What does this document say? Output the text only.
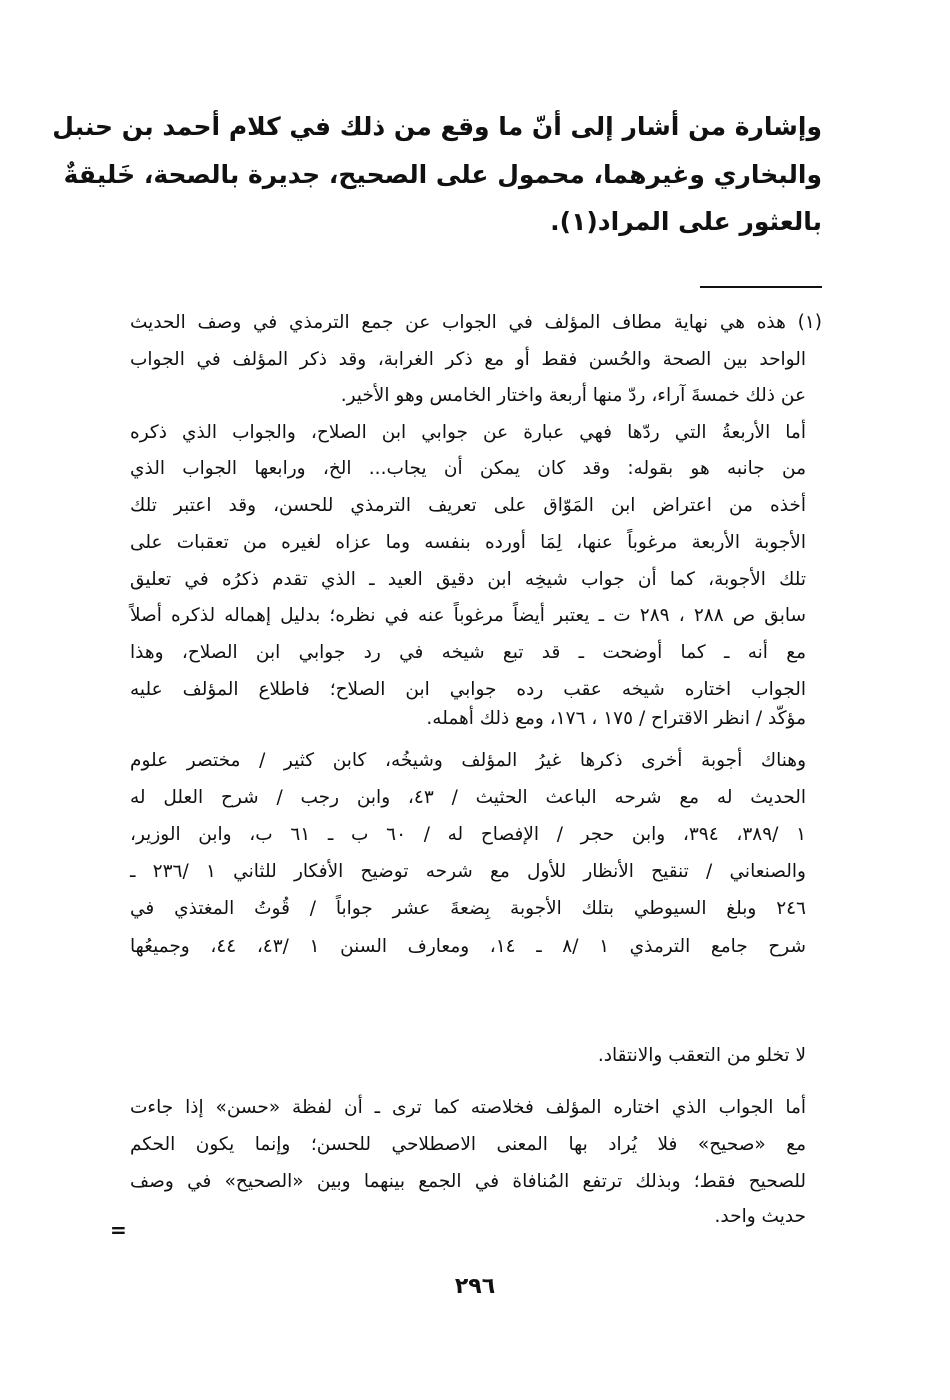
وإشارة من أشار إلى أنّ ما وقع من ذلك في كلام أحمد بن حنبل
والبخاري وغيرهما، محمول على الصحيح، جديرة بالصحة، خَليقةٌ
بالعثور على المراد(١).
(١) هذه هي نهاية مطاف المؤلف في الجواب عن جمع الترمذي في وصف الحديث
الواحد بين الصحة والحُسن فقط أو مع ذكر الغرابة، وقد ذكر المؤلف في الجواب
عن ذلك خمسةَ آراء، ردّ منها أربعة واختار الخامس وهو الأخير.
أما الأربعةُ التي ردّها فهي عبارة عن جوابي ابن الصلاح، والجواب الذي ذكره
من جانبه هو بقوله: وقد كان يمكن أن يجاب... الخ، ورابعها الجواب الذي
أخذه من اعتراض ابن المَوّاق على تعريف الترمذي للحسن، وقد اعتبر تلك
الأجوبة الأربعة مرغوباً عنها، لِمَا أورده بنفسه وما عزاه لغيره من تعقبات على
تلك الأجوبة، كما أن جواب شيخِه ابن دقيق العيد ـ الذي تقدم ذكرُه في تعليق
سابق ص ٢٨٨ ، ٢٨٩ ت ـ يعتبر أيضاً مرغوباً عنه في نظره؛ بدليل إهماله لذكره أصلاً
مع أنه ـ كما أوضحت ـ قد تبع شيخه في رد جوابي ابن الصلاح، وهذا
الجواب اختاره شيخه عقب رده جوابي ابن الصلاح؛ فاطلاع المؤلف عليه
مؤكّد / انظر الاقتراح / ١٧٥ ، ١٧٦، ومع ذلك أهمله.
وهناك أجوبة أخرى ذكرها غيرُ المؤلف وشيخُه، كابن كثير / مختصر علوم
الحديث له مع شرحه الباعث الحثيث / ٤٣، وابن رجب / شرح العلل له
١ /٣٨٩، ٣٩٤، وابن حجر / الإفصاح له / ٦٠ ب ـ ٦١ ب، وابن الوزير،
والصنعاني / تنقيح الأنظار للأول مع شرحه توضيح الأفكار للثاني ١ /٢٣٦ ـ
٢٤٦ وبلغ السيوطي بتلك الأجوبة بِضعةَ عشر جواباً / قُوتُ المغتذي في
شرح جامع الترمذي ١ /٨ ـ ١٤، ومعارف السنن ١ /٤٣، ٤٤، وجميعُها
لا تخلو من التعقب والانتقاد.
أما الجواب الذي اختاره المؤلف فخلاصته كما ترى ـ أن لفظة «حسن» إذا جاءت
مع «صحيح» فلا يُراد بها المعنى الاصطلاحي للحسن؛ وإنما يكون الحكم
للصحيح فقط؛ وبذلك ترتفع المُنافاة في الجمع بينهما وبين «الصحيح» في وصف
حديث واحد.
=
٢٩٦
